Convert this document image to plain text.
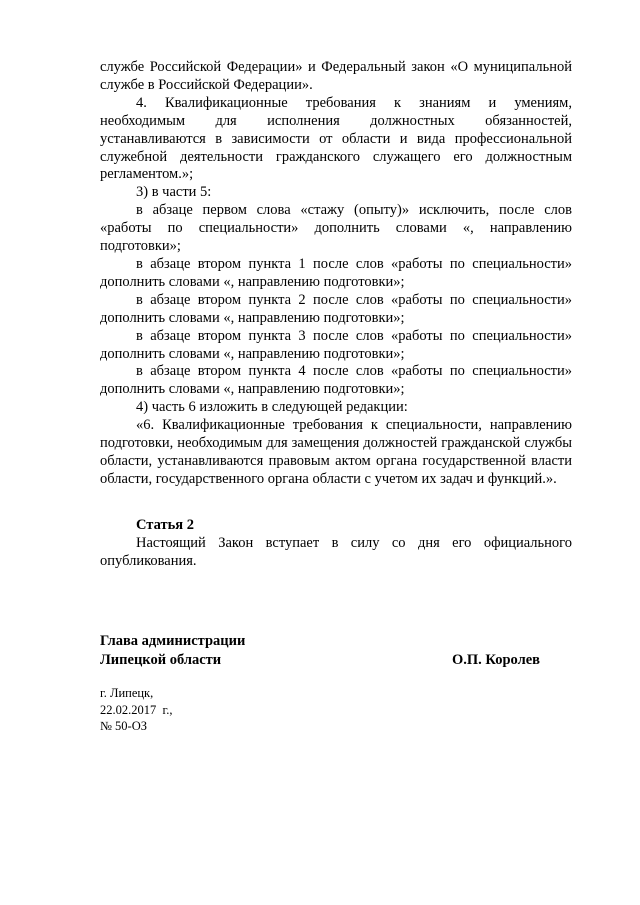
службе Российской Федерации» и Федеральный закон «О муниципальной службе в Российской Федерации».

4. Квалификационные требования к знаниям и умениям, необходимым для исполнения должностных обязанностей, устанавливаются в зависимости от области и вида профессиональной служебной деятельности гражданского служащего его должностным регламентом.»;

3) в части 5:

в абзаце первом слова «стажу (опыту)» исключить, после слов «работы по специальности» дополнить словами «, направлению подготовки»;

в абзаце втором пункта 1 после слов «работы по специальности» дополнить словами «, направлению подготовки»;

в абзаце втором пункта 2 после слов «работы по специальности» дополнить словами «, направлению подготовки»;

в абзаце втором пункта 3 после слов «работы по специальности» дополнить словами «, направлению подготовки»;

в абзаце втором пункта 4 после слов «работы по специальности» дополнить словами «, направлению подготовки»;

4) часть 6 изложить в следующей редакции:

«6. Квалификационные требования к специальности, направлению подготовки, необходимым для замещения должностей гражданской службы области, устанавливаются правовым актом органа государственной власти области, государственного органа области с учетом их задач и функций.».

Статья 2

Настоящий Закон вступает в силу со дня его официального опубликования.

Глава администрации
Липецкой области	О.П. Королев
г. Липецк,
22.02.2017  г.,
№ 50-ОЗ
